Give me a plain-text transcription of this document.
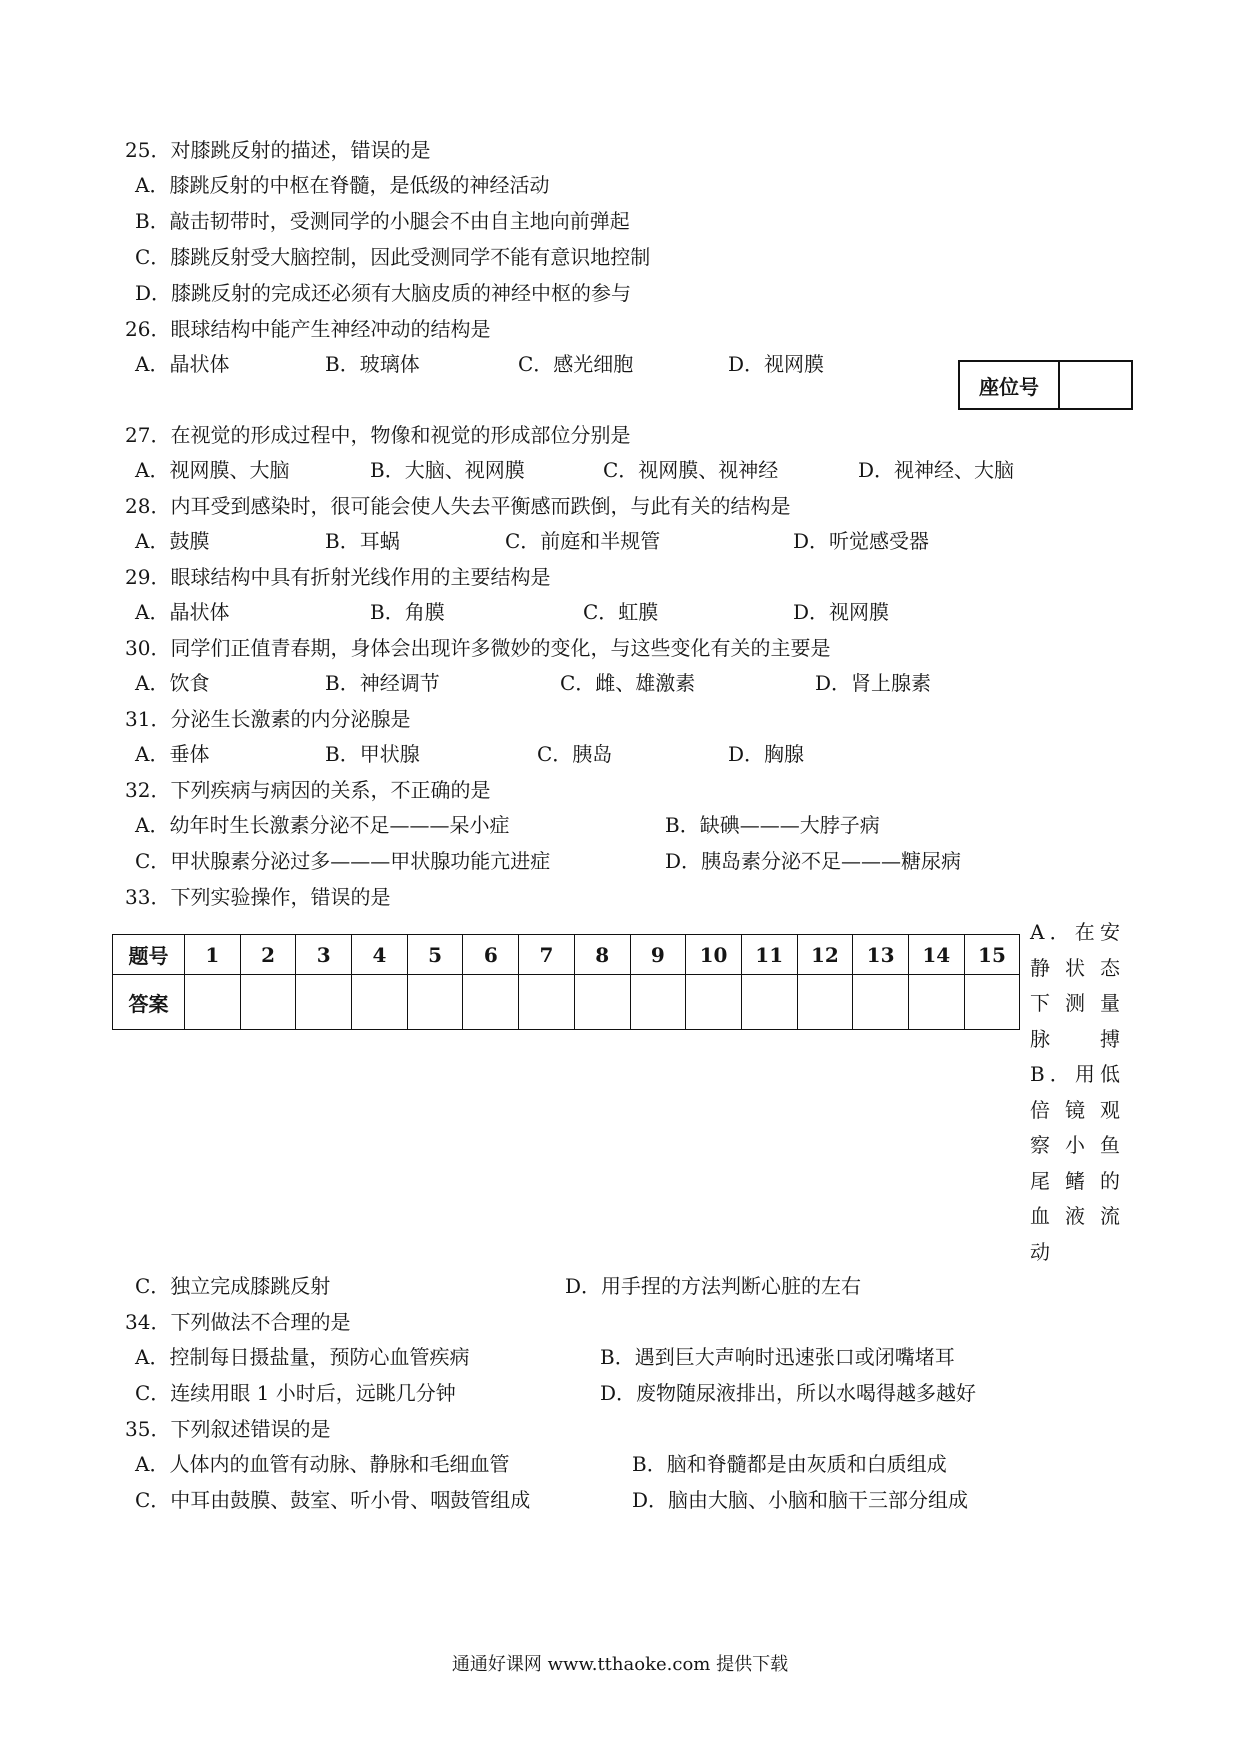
25．对膝跳反射的描述，错误的是
A．膝跳反射的中枢在脊髓，是低级的神经活动
B．敲击韧带时，受测同学的小腿会不由自主地向前弹起
C．膝跳反射受大脑控制，因此受测同学不能有意识地控制
D．膝跳反射的完成还必须有大脑皮质的神经中枢的参与
26．眼球结构中能产生神经冲动的结构是
A．晶状体	B．玻璃体	C．感光细胞	D．视网膜
座位号
27．在视觉的形成过程中，物像和视觉的形成部位分别是
A．视网膜、大脑	B．大脑、视网膜	C．视网膜、视神经	D．视神经、大脑
28．内耳受到感染时，很可能会使人失去平衡感而跌倒，与此有关的结构是
A．鼓膜	B．耳蜗	C．前庭和半规管	D．听觉感受器
29．眼球结构中具有折射光线作用的主要结构是
A．晶状体	B．角膜	C．虹膜	D．视网膜
30．同学们正值青春期，身体会出现许多微妙的变化，与这些变化有关的主要是
A．饮食	B．神经调节	C．雌、雄激素	D．肾上腺素
31．分泌生长激素的内分泌腺是
A．垂体	B．甲状腺	C．胰岛	D．胸腺
32．下列疾病与病因的关系，不正确的是
A．幼年时生长激素分泌不足———呆小症	B．缺碘———大脖子病
C．甲状腺素分泌过多———甲状腺功能亢进症	D．胰岛素分泌不足———糖尿病
33．下列实验操作，错误的是
题号	1	2	3	4	5	6	7	8	9	10	11	12	13	14	15
答案															
A．在安
静 状 态
下 测 量
脉　　搏
B．用低
倍 镜 观
察 小 鱼
尾 鳍 的
血 液 流
动
C．独立完成膝跳反射	D．用手捏的方法判断心脏的左右
34．下列做法不合理的是
A．控制每日摄盐量，预防心血管疾病	B．遇到巨大声响时迅速张口或闭嘴堵耳
C．连续用眼 1 小时后，远眺几分钟	D．废物随尿液排出，所以水喝得越多越好
35．下列叙述错误的是
A．人体内的血管有动脉、静脉和毛细血管	B．脑和脊髓都是由灰质和白质组成
C．中耳由鼓膜、鼓室、听小骨、咽鼓管组成	D．脑由大脑、小脑和脑干三部分组成
通通好课网 www.tthaoke.com 提供下载
